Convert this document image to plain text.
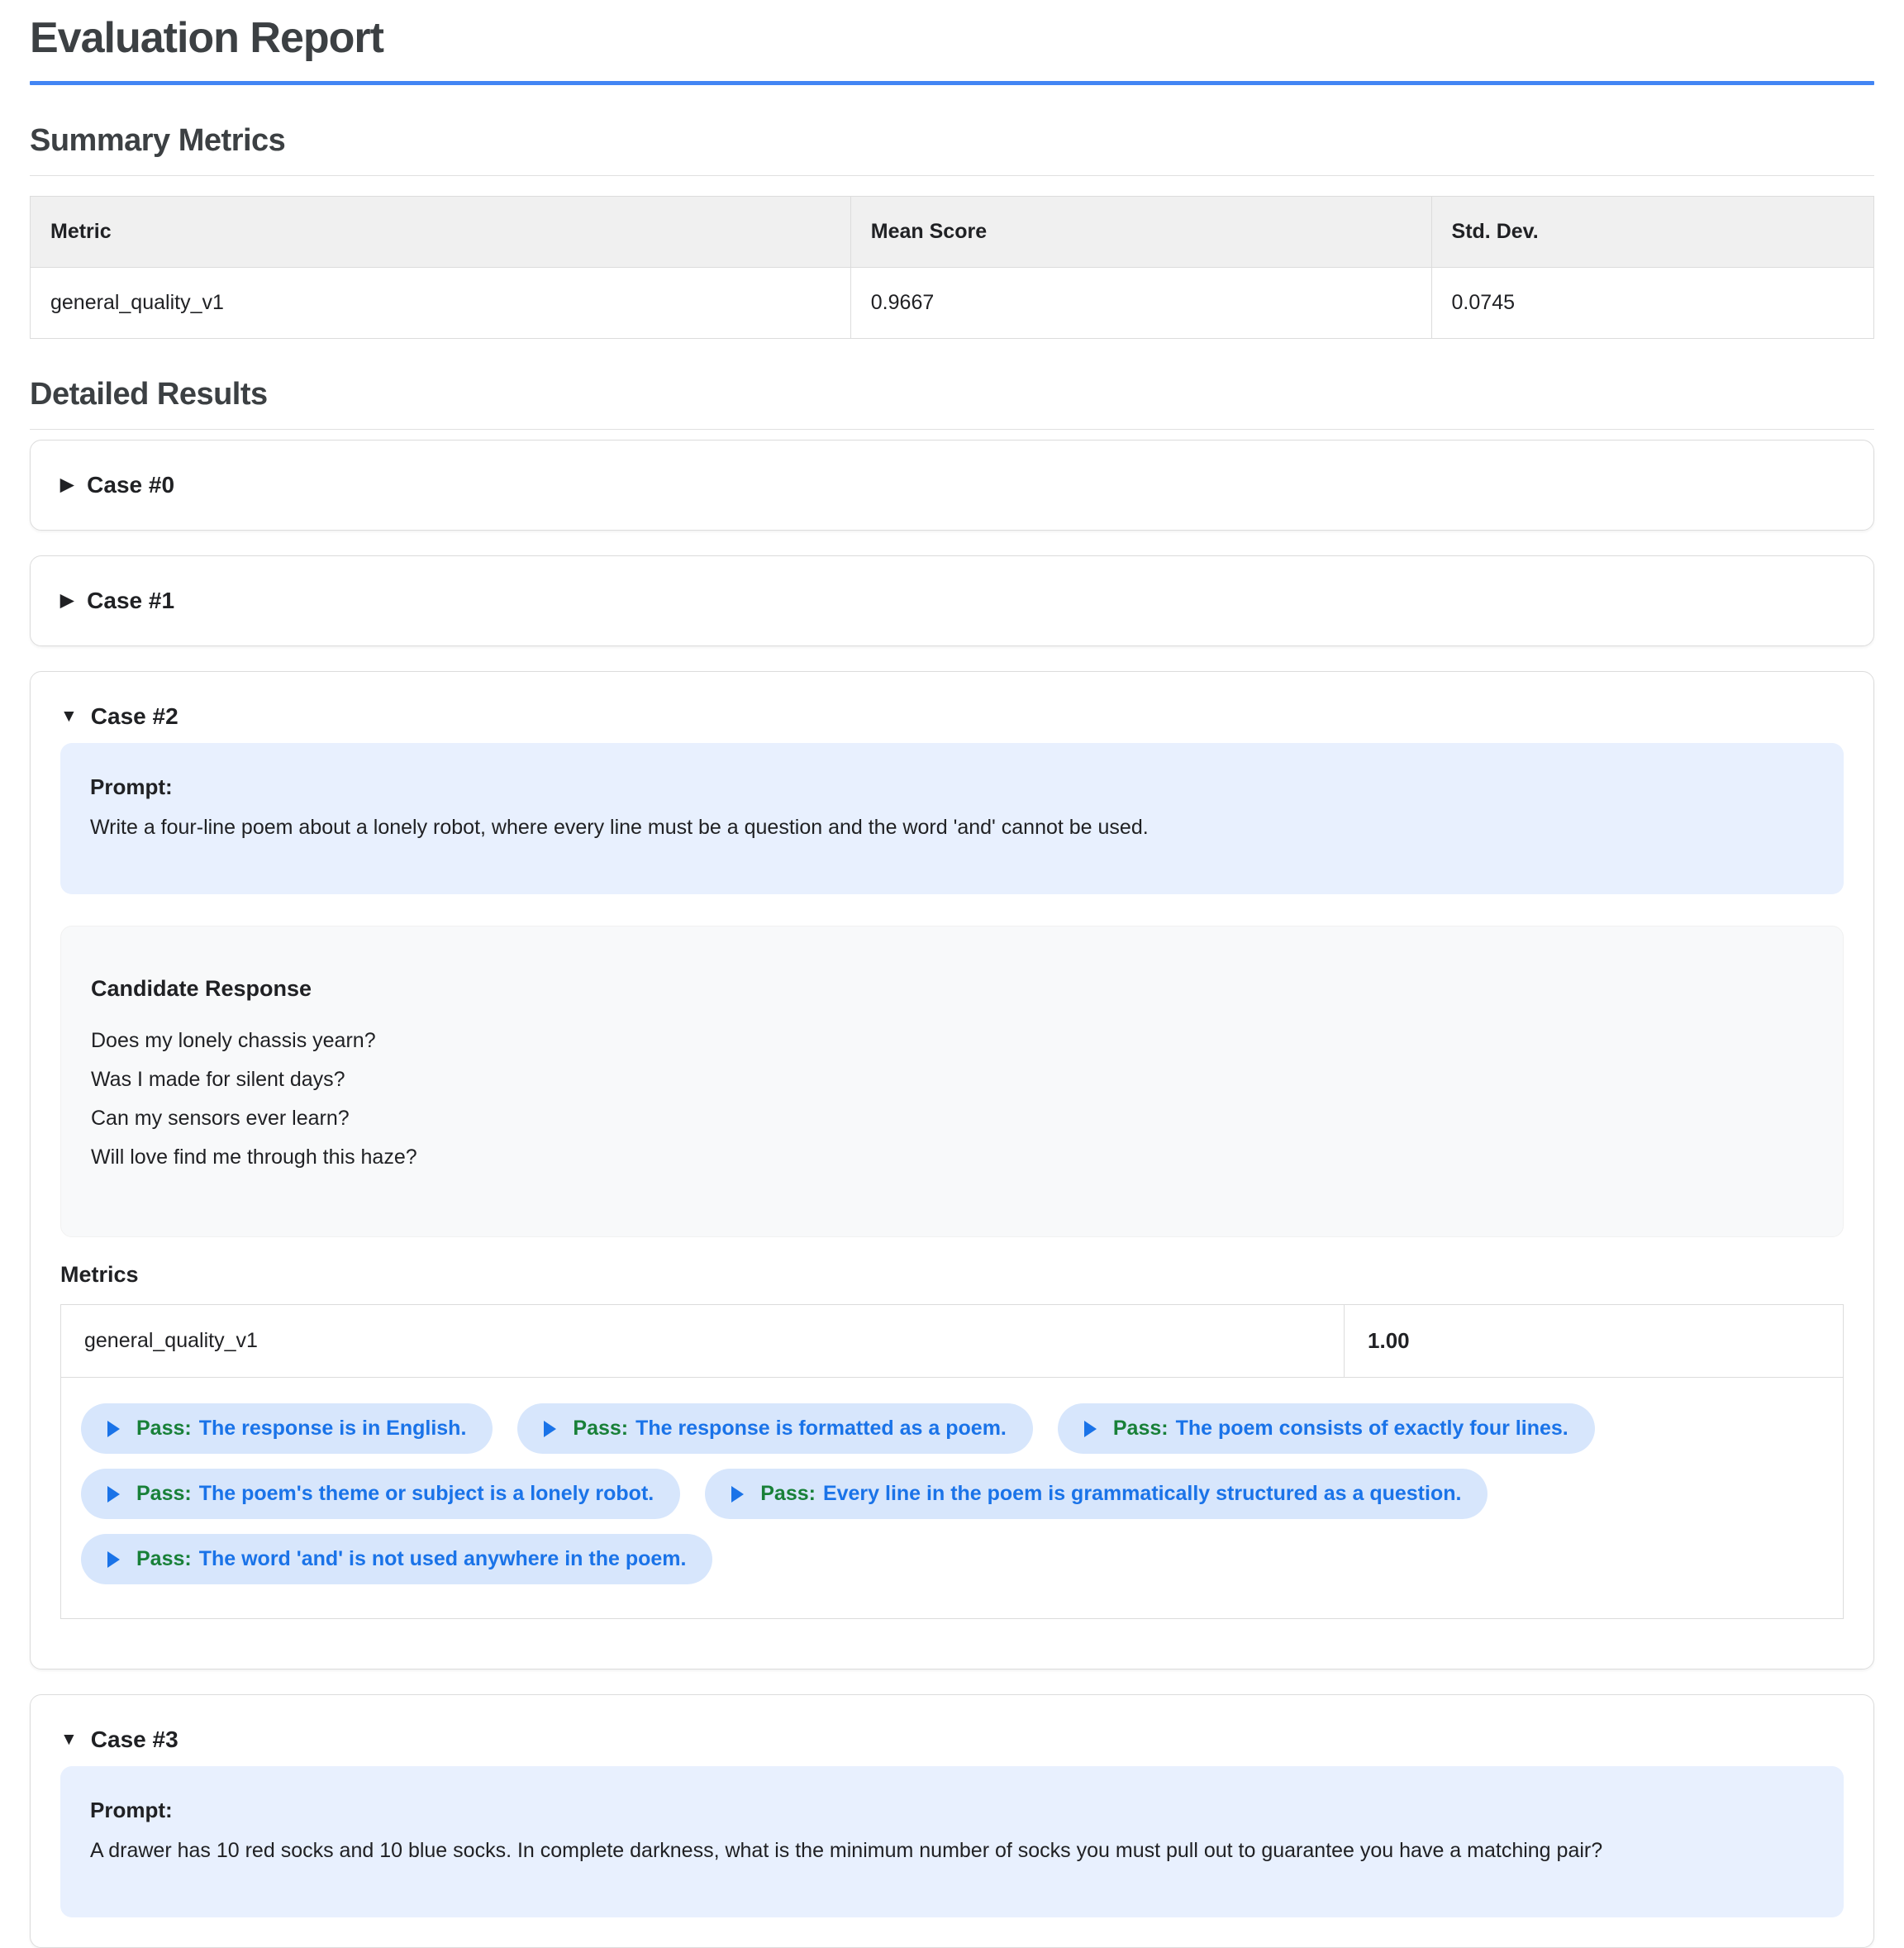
Evaluation Report
Summary Metrics
Metric	Mean Score	Std. Dev.
general_quality_v1	0.9667	0.0745
Detailed Results
▶ Case #0
▶ Case #1
▼ Case #2
Prompt:
Write a four-line poem about a lonely robot, where every line must be a question and the word 'and' cannot be used.
Candidate Response
Does my lonely chassis yearn?
Was I made for silent days?
Can my sensors ever learn?
Will love find me through this haze?
Metrics
general_quality_v1	1.00

Pass: The response is in English.	Pass: The response is formatted as a poem.	Pass: The poem consists of exactly four lines.

Pass: The poem's theme or subject is a lonely robot.	Pass: Every line in the poem is grammatically structured as a question.

Pass: The word 'and' is not used anywhere in the poem.
▼ Case #3
Prompt:
A drawer has 10 red socks and 10 blue socks. In complete darkness, what is the minimum number of socks you must pull out to guarantee you have a matching pair?
